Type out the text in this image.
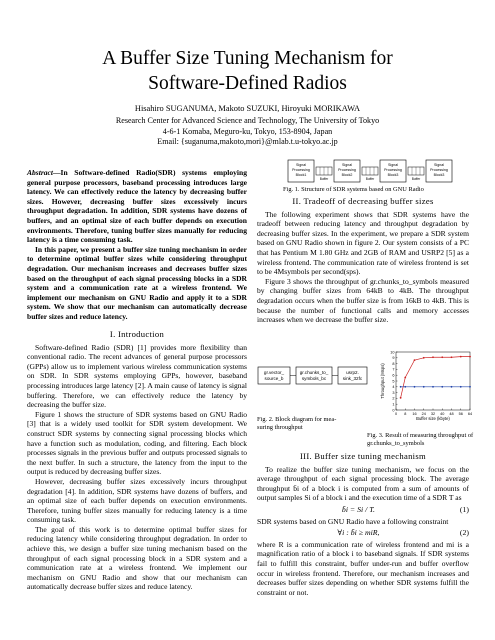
A Buffer Size Tuning Mechanism for
Software-Defined Radios
Hisahiro SUGANUMA, Makoto SUZUKI, Hiroyuki MORIKAWA
Research Center for Advanced Science and Technology, The University of Tokyo
4-6-1 Komaba, Meguro-ku, Tokyo, 153-8904, Japan
Email: {suganuma,makoto,mori}@mlab.t.u-tokyo.ac.jp

Abstract—In Software-defined Radio(SDR) systems employing general purpose processors, baseband processing introduces large latency. We can effectively reduce the latency by decreasing buffer sizes. However, decreasing buffer sizes excessively incurs throughput degradation. In addition, SDR systems have dozens of buffers, and an optimal size of each buffer depends on execution environments. Therefore, tuning buffer sizes manually for reducing latency is a time consuming task.

In this paper, we present a buffer size tuning mechanism in order to determine optimal buffer sizes while considering throughput degradation. Our mechanism increases and decreases buffer sizes based on the throughput of each signal processing blocks in a SDR system and a communication rate at a wireless frontend. We implement our mechanism on GNU Radio and apply it to a SDR system. We show that our mechanism can automatically decrease buffer sizes and reduce latency.

I. Introduction

Software-defined Radio (SDR) [1] provides more flexibility than conventional radio. The recent advances of general purpose processors (GPPs) allow us to implement various wireless communication systems on SDR. In SDR systems employing GPPs, however, baseband processing introduces large latency [2]. A main cause of latency is signal buffering. Therefore, we can effectively reduce the latency by decreasing the buffer size.

Figure 1 shows the structure of SDR systems based on GNU Radio [3] that is a widely used toolkit for SDR system development. We construct SDR systems by connecting signal processing blocks which have a function such as modulation, coding, and filtering. Each block processes signals in the previous buffer and outputs processed signals to the next buffer. In such a structure, the latency from the input to the output is reduced by decreasing buffer sizes.

However, decreasing buffer sizes excessively incurs throughput degradation [4]. In addition, SDR systems have dozens of buffers, and an optimal size of each buffer depends on execution environments. Therefore, tuning buffer sizes manually for reducing latency is a time consuming task.

The goal of this work is to determine optimal buffer sizes for reducing latency while considering throughput degradation. In order to achieve this, we design a buffer size tuning mechanism based on the throughput of each signal processing block in a SDR system and a communication rate at a wireless frontend. We implement our mechanism on GNU Radio and show that our mechanism can automatically decrease buffer sizes and reduce latency.

Signal
Processing
Block1
Buffer
Signal
Processing
Block2
Buffer
Signal
Processing
Block3
Buffer
Signal
Processing
Block3
Fig. 1. Structure of SDR systems based on GNU Radio
II. Tradeoff of decreasing buffer sizes

The following experiment shows that SDR systems have the tradeoff between reducing latency and throughput degradation by decreasing buffer sizes. In the experiment, we prepare a SDR system based on GNU Radio shown in figure 2. Our system consists of a PC that has Pentium M 1.80 GHz and 2GB of RAM and USRP2 [5] as a wireless frontend. The communication rate of wireless frontend is set to be 4Msymbols per second(sps).

Figure 3 shows the throughput of gr.chunks_to_symbols measured by changing buffer sizes from 64kB to 4kB. The throughput degradation occurs when the buffer size is from 16kB to 4kB. This is because the number of functional calls and memory accesses increases when we decrease the buffer size.

gr.vector_
source_b
gr.chunks_to_
symbols_bc
usrp2.
sink_32fc
Fig. 2. Block diagram for mea-
suring throughput
Throughput (Msps)
Buffer size (kbyte)
0 8 16 24 32 40 48 56 64
0
1
2
3
4
5
6
7
8
9
10
Fig. 3. Result of measuring throughput of
gr.chunks_to_symbols
III. Buffer size tuning mechanism

To realize the buffer size tuning mechanism, we focus on the average throughput of each signal processing block. The average throughput b̄i of a block i is computed from a sum of amounts of output samples Si of a block i and the execution time of a SDR T as

b̄i = Si / T.	(1)

SDR systems based on GNU Radio have a following constraint

∀i : b̄i ≥ miR,	(2)

where R is a communication rate of wireless frontend and mi is a magnification ratio of a block i to baseband signals. If SDR systems fail to fulfill this constraint, buffer under-run and buffer overflow occur in wireless frontend. Therefore, our mechanism increases and decreases buffer sizes depending on whether SDR systems fulfill the constraint or not.
